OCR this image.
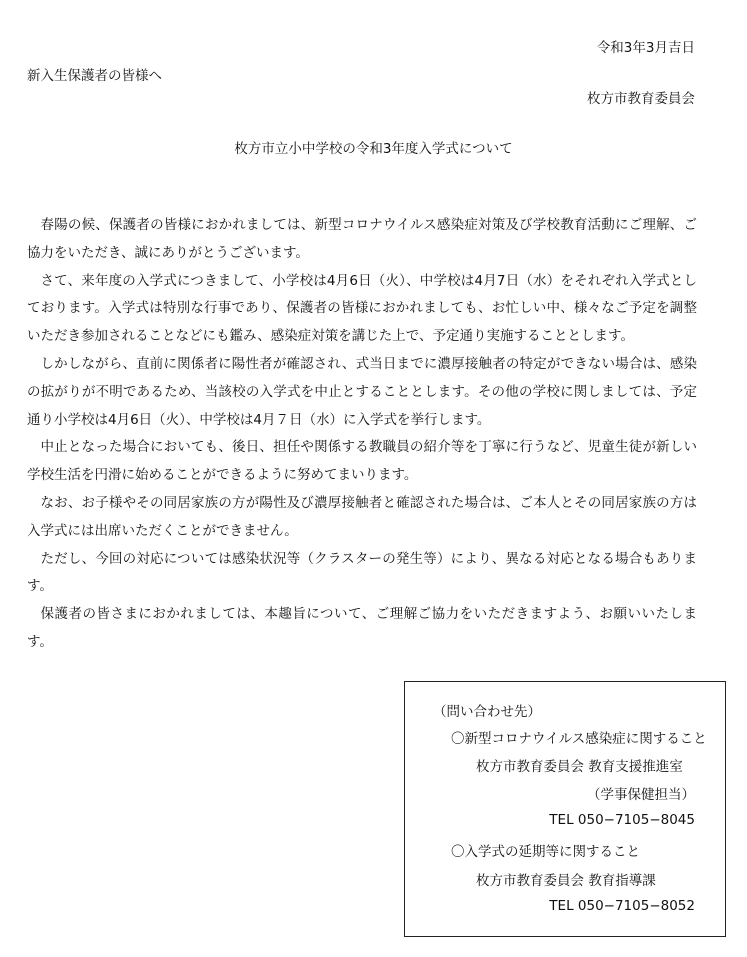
令和3年3月吉日
新入生保護者の皆様へ
枚方市教育委員会
枚方市立小中学校の令和3年度入学式について

春陽の候、保護者の皆様におかれましては、新型コロナウイルス感染症対策及び学校教育活動にご理解、ご協力をいただき、誠にありがとうございます。

さて、来年度の入学式につきまして、小学校は4月6日（火）、中学校は4月7日（水）をそれぞれ入学式としております。入学式は特別な行事であり、保護者の皆様におかれましても、お忙しい中、様々なご予定を調整いただき参加されることなどにも鑑み、感染症対策を講じた上で、予定通り実施することとします。

しかしながら、直前に関係者に陽性者が確認され、式当日までに濃厚接触者の特定ができない場合は、感染の拡がりが不明であるため、当該校の入学式を中止とすることとします。その他の学校に関しましては、予定通り小学校は4月6日（火）、中学校は4月７日（水）に入学式を挙行します。

中止となった場合においても、後日、担任や関係する教職員の紹介等を丁寧に行うなど、児童生徒が新しい学校生活を円滑に始めることができるように努めてまいります。

なお、お子様やその同居家族の方が陽性及び濃厚接触者と確認された場合は、ご本人とその同居家族の方は入学式には出席いただくことができません。

ただし、今回の対応については感染状況等（クラスターの発生等）により、異なる対応となる場合もあります。

保護者の皆さまにおかれましては、本趣旨について、ご理解ご協力をいただきますよう、お願いいたします。

（問い合わせ先）
〇新型コロナウイルス感染症に関すること
枚方市教育委員会 教育支援推進室
（学事保健担当）
TEL 050−7105−8045
〇入学式の延期等に関すること
枚方市教育委員会 教育指導課
TEL 050−7105−8052
